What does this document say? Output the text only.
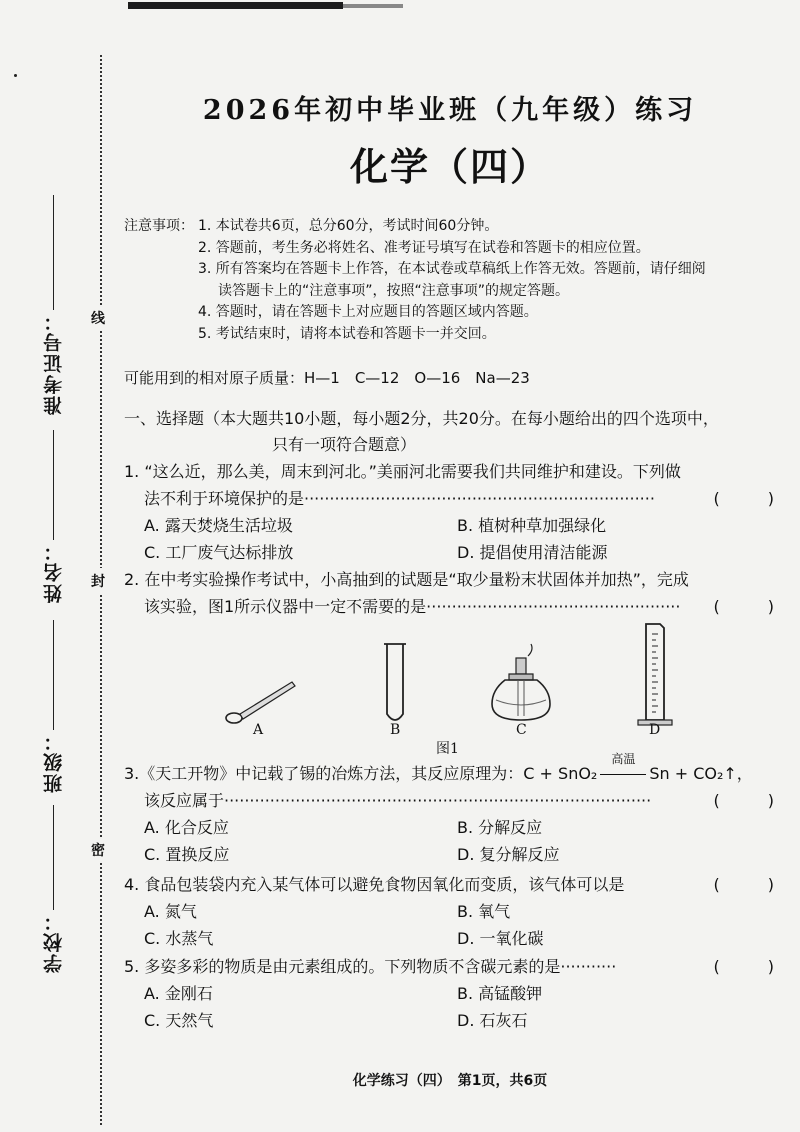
准考证号：
姓名：
班级：
学校：
线
封
密
2026年初中毕业班（九年级）练习
化学（四）
注意事项： 1. 本试卷共6页，总分60分，考试时间60分钟。
2. 答题前，考生务必将姓名、准考证号填写在试卷和答题卡的相应位置。
3. 所有答案均在答题卡上作答，在本试卷或草稿纸上作答无效。答题前，请仔细阅
读答题卡上的“注意事项”，按照“注意事项”的规定答题。
4. 答题时，请在答题卡上对应题目的答题区域内答题。
5. 考试结束时，请将本试卷和答题卡一并交回。
可能用到的相对原子质量：H—1　C—12　O—16　Na—23
一、选择题（本大题共10小题，每小题2分，共20分。在每小题给出的四个选项中，
只有一项符合题意）
1. “这么近，那么美，周末到河北。”美丽河北需要我们共同维护和建设。下列做
(　　　)
法不利于环境保护的是·····································································
A. 露天焚烧生活垃圾	B. 植树种草加强绿化
C. 工厂废气达标排放	D. 提倡使用清洁能源
2. 在中考实验操作考试中，小高抽到的试题是“取少量粉末状固体并加热”，完成
(　　　)
该实验，图1所示仪器中一定不需要的是··················································
A	B	C	D
图1
3.《天工开物》中记载了锡的冶炼方法，其反应原理为：C + SnO₂
高温
Sn + CO₂↑，
(　　　)
该反应属于····················································································
A. 化合反应	B. 分解反应
C. 置换反应	D. 复分解反应
(　　　)
4. 食品包装袋内充入某气体可以避免食物因氧化而变质，该气体可以是
A. 氮气	B. 氧气
C. 水蒸气	D. 一氧化碳
(　　　)
5. 多姿多彩的物质是由元素组成的。下列物质不含碳元素的是···········
A. 金刚石	B. 高锰酸钾
C. 天然气	D. 石灰石
化学练习（四）　第1页，共6页
